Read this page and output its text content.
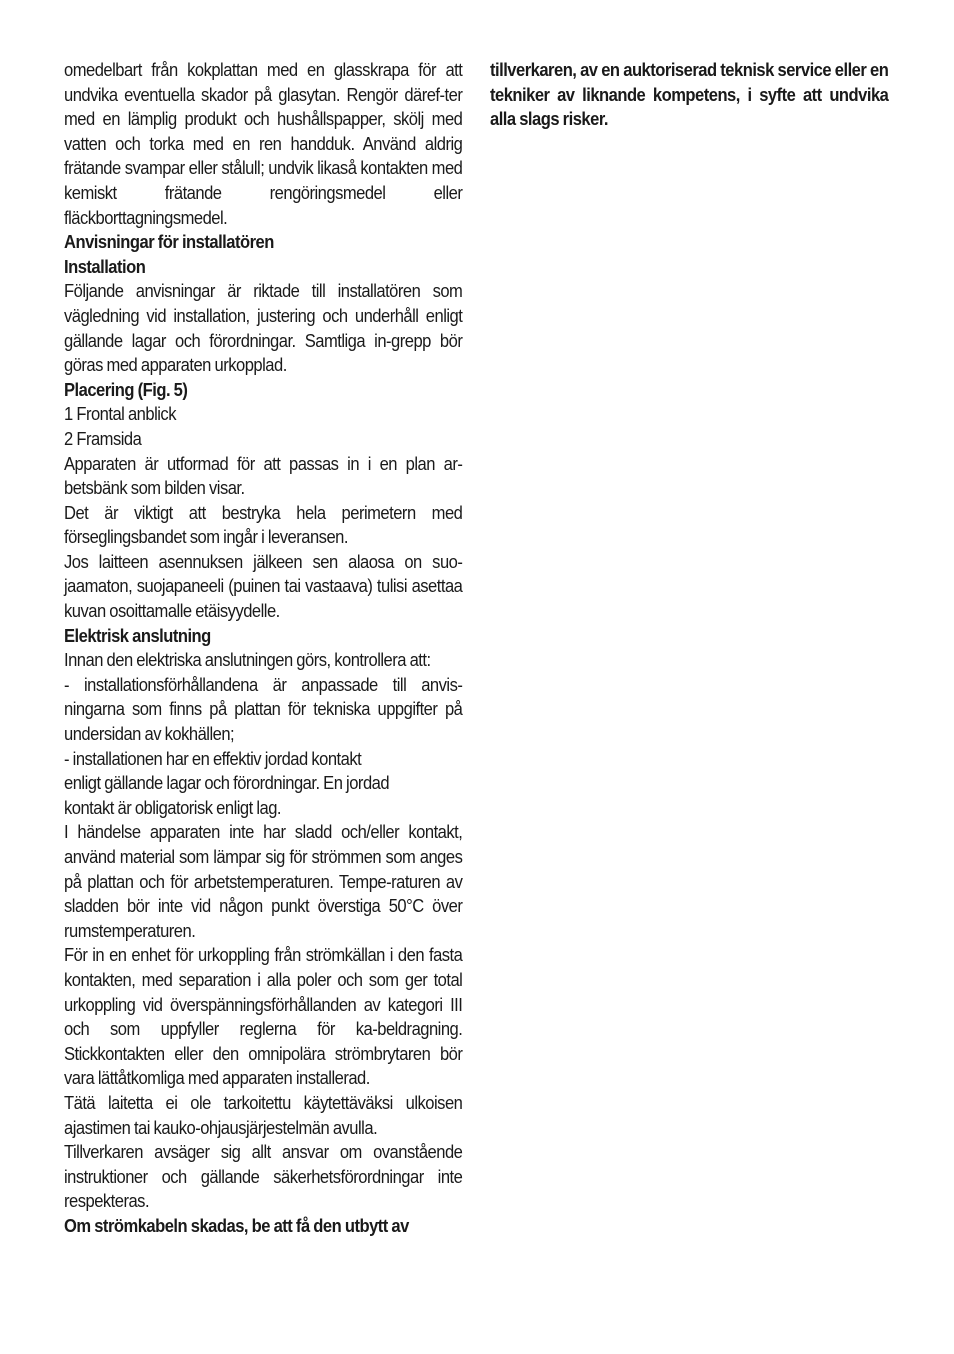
omedelbart från kokplattan med en glasskrapa för att undvika eventuella skador på glasytan. Rengör däref-ter med en lämplig produkt och hushållspapper, skölj med vatten och torka med en ren handduk. Använd aldrig frätande svampar eller stålull; undvik likaså kontakten med kemiskt frätande rengöringsmedel eller fläckborttagningsmedel.

Anvisningar för installatören
Installation

Följande anvisningar är riktade till installatören som vägledning vid installation, justering och underhåll enligt gällande lagar och förordningar. Samtliga in-grepp bör göras med apparaten urkopplad.

Placering (Fig. 5)

1 Frontal anblick

2 Framsida

Apparaten är utformad för att passas in i en plan ar-betsbänk som bilden visar.

Det är viktigt att bestryka hela perimetern med förseglingsbandet som ingår i leveransen.

Jos laitteen asennuksen jälkeen sen alaosa on suo-jaamaton, suojapaneeli (puinen tai vastaava) tulisi asettaa kuvan osoittamalle etäisyydelle.

Elektrisk anslutning

Innan den elektriska anslutningen görs, kontrollera att:

- installationsförhållandena är anpassade till anvis-ningarna som finns på plattan för tekniska uppgifter på undersidan av kokhällen;

- installationen har en effektiv jordad kontakt
enligt gällande lagar och förordningar. En jordad
kontakt är obligatorisk enligt lag.

I händelse apparaten inte har sladd och/eller kontakt, använd material som lämpar sig för strömmen som anges på plattan och för arbetstemperaturen. Tempe-raturen av sladden bör inte vid någon punkt överstiga 50°C över rumstemperaturen.

För in en enhet för urkoppling från strömkällan i den fasta kontakten, med separation i alla poler och som ger total urkoppling vid överspänningsförhållanden av kategori III och som uppfyller reglerna för ka-beldragning. Stickkontakten eller den omnipolära strömbrytaren bör vara lättåtkomliga med apparaten installerad.

Tätä laitetta ei ole tarkoitettu käytettäväksi ulkoisen ajastimen tai kauko-ohjausjärjestelmän avulla.

Tillverkaren avsäger sig allt ansvar om ovanstående instruktioner och gällande säkerhetsförordningar inte respekteras.

Om strömkabeln skadas, be att få den utbytt av

tillverkaren, av en auktoriserad teknisk service eller en tekniker av liknande kompetens, i syfte att undvika alla slags risker.
